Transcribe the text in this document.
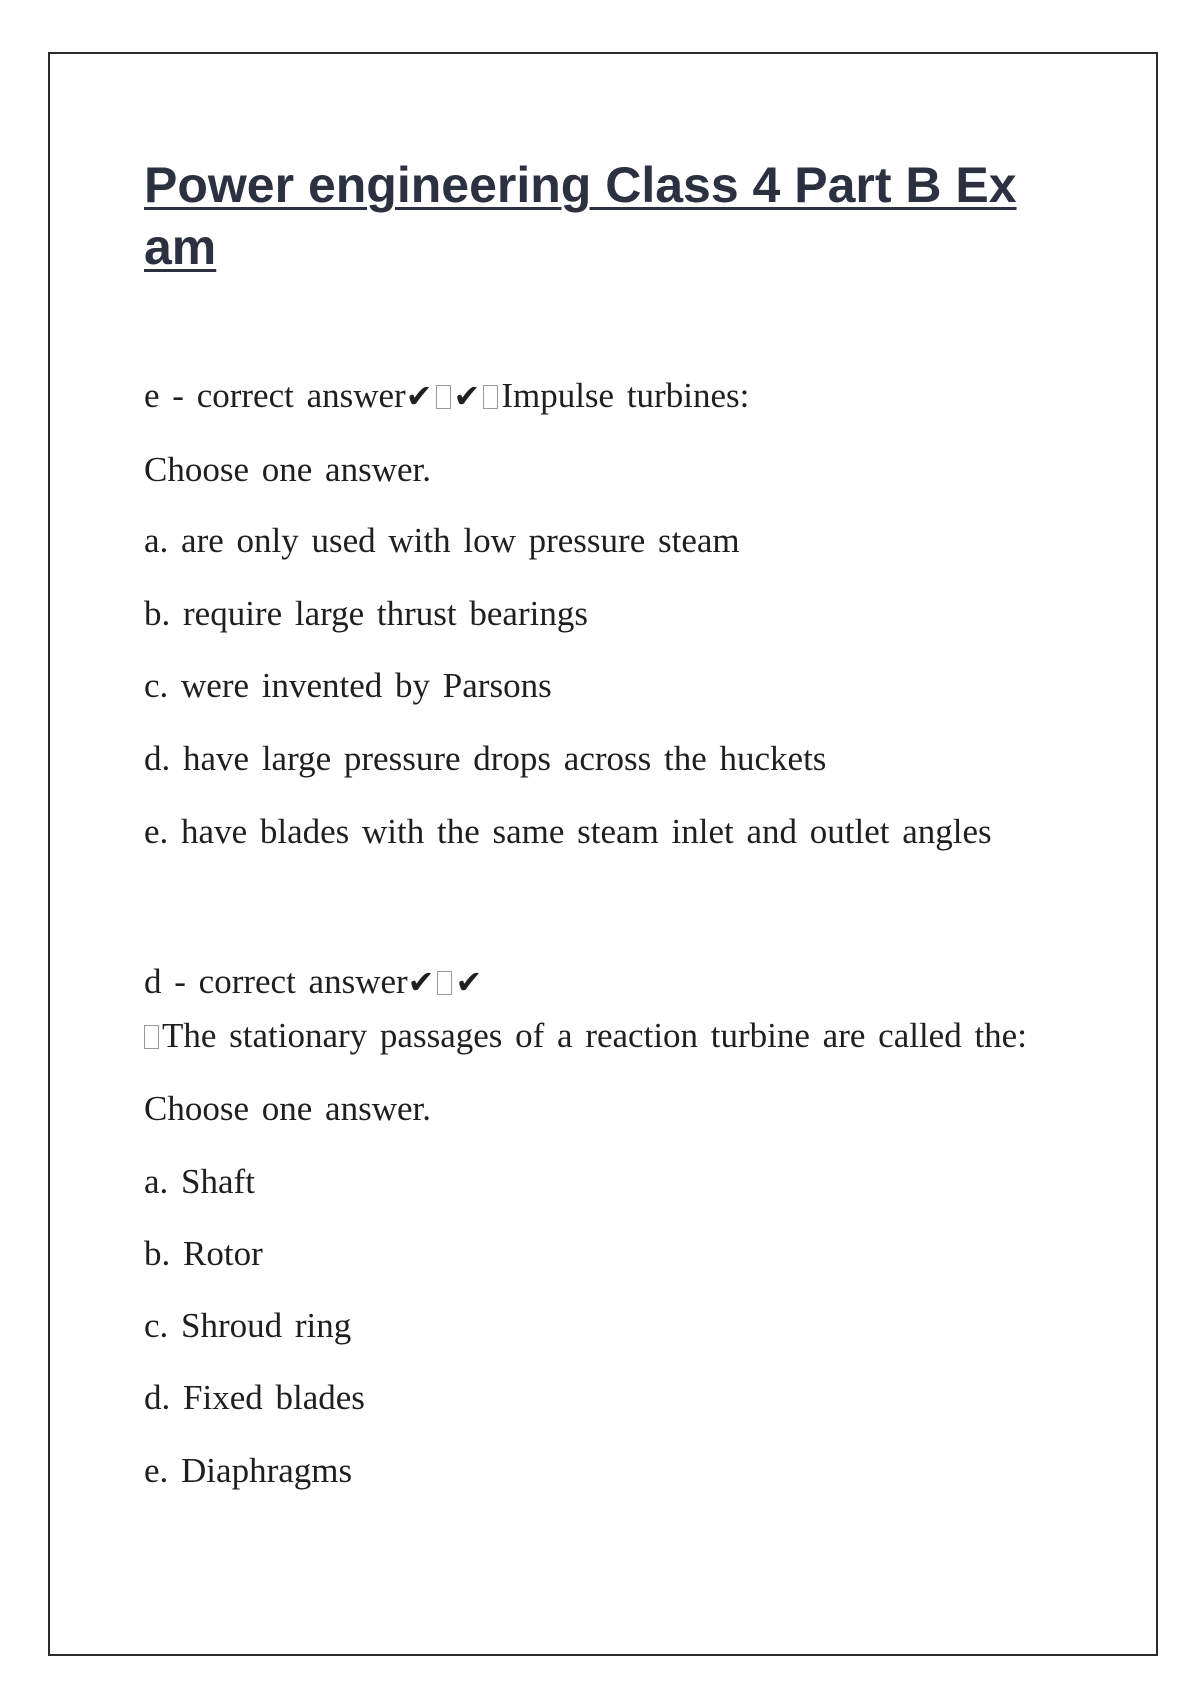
Power engineering Class 4 Part B Exam

e - correct answer✔ ✔ Impulse turbines:

Choose one answer.

a. are only used with low pressure steam

b. require large thrust bearings

c. were invented by Parsons

d. have large pressure drops across the huckets

e. have blades with the same steam inlet and outlet angles

d - correct answer✔ ✔

The stationary passages of a reaction turbine are called the:

Choose one answer.

a. Shaft

b. Rotor

c. Shroud ring

d. Fixed blades

e. Diaphragms
